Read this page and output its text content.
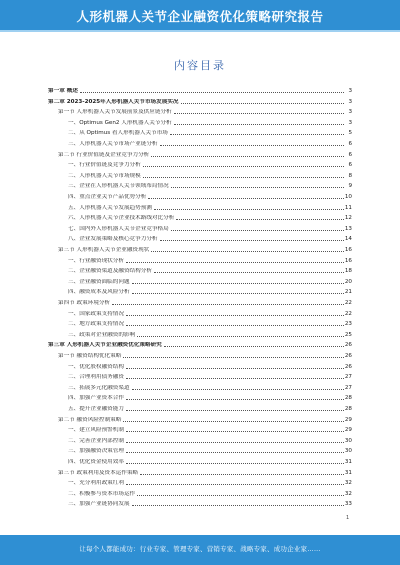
人形机器人关节企业融资优化策略研究报告
内容目录
第一章 概述	3
第二章 2023-2025年人形机器人关节市场发展实况	3
第一节 人形机器人关节发展前景及供应链分析	3
一、Optimus Gen2 人形机器人关节分析	3
二、从 Optimus 看人形机器人关节市场	5
三、人形机器人关节市场产业链分析	6
第二节 行业价值链及企业竞争力分析	6
一、行业价值链及竞争力分析	6
二、人形机器人关节市场规模	8
三、企业在人形机器人关节领域布局情况	9
四、重点企业关节产品优势分析	10
五、人形机器人关节发展趋势预测	11
六、人形机器人关节企业技术路线对比分析	12
七、国内外人形机器人关节企业竞争格局	13
八、企业发展策略及核心竞争力分析	14
第三节 人形机器人关节企业融资现状	16
一、行业融资现状分析	16
二、企业融资渠道及融资结构分析	18
三、企业融资面临的问题	20
四、融资成本及风险分析	21
第四节 政策环境分析	22
一、国家政策支持情况	22
二、地方政策支持情况	23
三、政策对企业融资的影响	25
第三章 人形机器人关节企业融资优化策略研究	26
第一节 融资结构优化策略	26
一、优化股权融资结构	26
二、合理利用债务融资	27
三、拓展多元化融资渠道	27
四、加强产业资本合作	28
五、提升企业融资能力	28
第二节 融资风险控制策略	29
一、建立风险预警机制	29
二、完善企业内部控制	30
三、加强融资决策管理	30
四、优化资金使用效率	31
第三节 政策利用及资本运作策略	31
一、充分利用政策红利	32
二、积极参与资本市场运作	32
三、加强产业链协同发展	33
1
让每个人都能成功：行业专家、管理专家、营销专家、战略专家、成功企业家……
